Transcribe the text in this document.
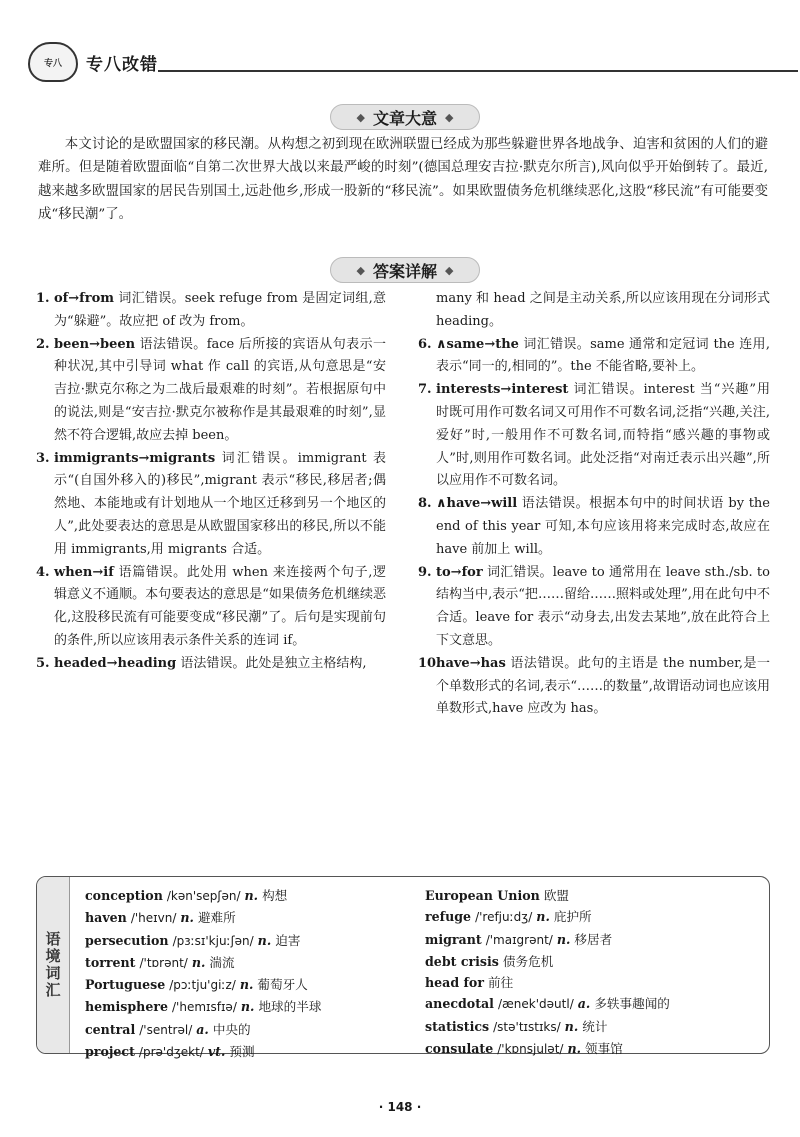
专八 专八改错
◆ 文章大意 ◆

本文讨论的是欧盟国家的移民潮。从构想之初到现在欧洲联盟已经成为那些躲避世界各地战争、迫害和贫困的人们的避难所。但是随着欧盟面临“自第二次世界大战以来最严峻的时刻”(德国总理安吉拉·默克尔所言),风向似乎开始倒转了。最近,越来越多欧盟国家的居民告别国土,远赴他乡,形成一股新的“移民流”。如果欧盟债务危机继续恶化,这股“移民流”有可能要变成“移民潮”了。

◆ 答案详解 ◆

1. of→from 词汇错误。seek refuge from 是固定词组,意为“躲避”。故应把 of 改为 from。

2. been→been 语法错误。face 后所接的宾语从句表示一种状况,其中引导词 what 作 call 的宾语,从句意思是“安吉拉·默克尔称之为二战后最艰难的时刻”。若根据原句中的说法,则是“安吉拉·默克尔被称作是其最艰难的时刻”,显然不符合逻辑,故应去掉 been。

3. immigrants→migrants 词汇错误。immigrant 表示“(自国外移入的)移民”,migrant 表示“移民,移居者;偶然地、本能地或有计划地从一个地区迁移到另一个地区的人”,此处要表达的意思是从欧盟国家移出的移民,所以不能用 immigrants,用 migrants 合适。

4. when→if 语篇错误。此处用 when 来连接两个句子,逻辑意义不通顺。本句要表达的意思是“如果债务危机继续恶化,这股移民流有可能要变成“移民潮”了。后句是实现前句的条件,所以应该用表示条件关系的连词 if。

5. headed→heading 语法错误。此处是独立主格结构,

many 和 head 之间是主动关系,所以应该用现在分词形式 heading。

6. ∧same→the 词汇错误。same 通常和定冠词 the 连用,表示“同一的,相同的”。the 不能省略,要补上。

7. interests→interest 词汇错误。interest 当“兴趣”用时既可用作可数名词又可用作不可数名词,泛指“兴趣,关注,爱好”时,一般用作不可数名词,而特指“感兴趣的事物或人”时,则用作可数名词。此处泛指“对南迁表示出兴趣”,所以应用作不可数名词。

8. ∧have→will 语法错误。根据本句中的时间状语 by the end of this year 可知,本句应该用将来完成时态,故应在 have 前加上 will。

9. to→for 词汇错误。leave to 通常用在 leave sth./sb. to 结构当中,表示“把……留给……照料或处理”,用在此句中不合适。leave for 表示“动身去,出发去某地”,放在此符合上下文意思。

10.
have→has 语法错误。此句的主语是 the number,是一个单数形式的名词,表示“……的数量”,故谓语动词也应该用单数形式,have 应改为 has。

语境词汇
conception /kən'sepʃən/ n. 构想
haven /'heɪvn/ n. 避难所
persecution /pɜːsɪ'kjuːʃən/ n. 迫害
torrent /'tɒrənt/ n. 湍流
Portuguese /pɔːtju'giːz/ n. 葡萄牙人
hemisphere /'hemɪsfɪə/ n. 地球的半球
central /'sentrəl/ a. 中央的
project /prə'dʒekt/ vt. 预测
European Union 欧盟
refuge /'refjuːdʒ/ n. 庇护所
migrant /'maɪgrənt/ n. 移居者
debt crisis 债务危机
head for 前往
anecdotal /ænek'dəutl/ a. 多轶事趣闻的
statistics /stə'tɪstɪks/ n. 统计
consulate /'kɒnsjulət/ n. 领事馆
· 148 ·
